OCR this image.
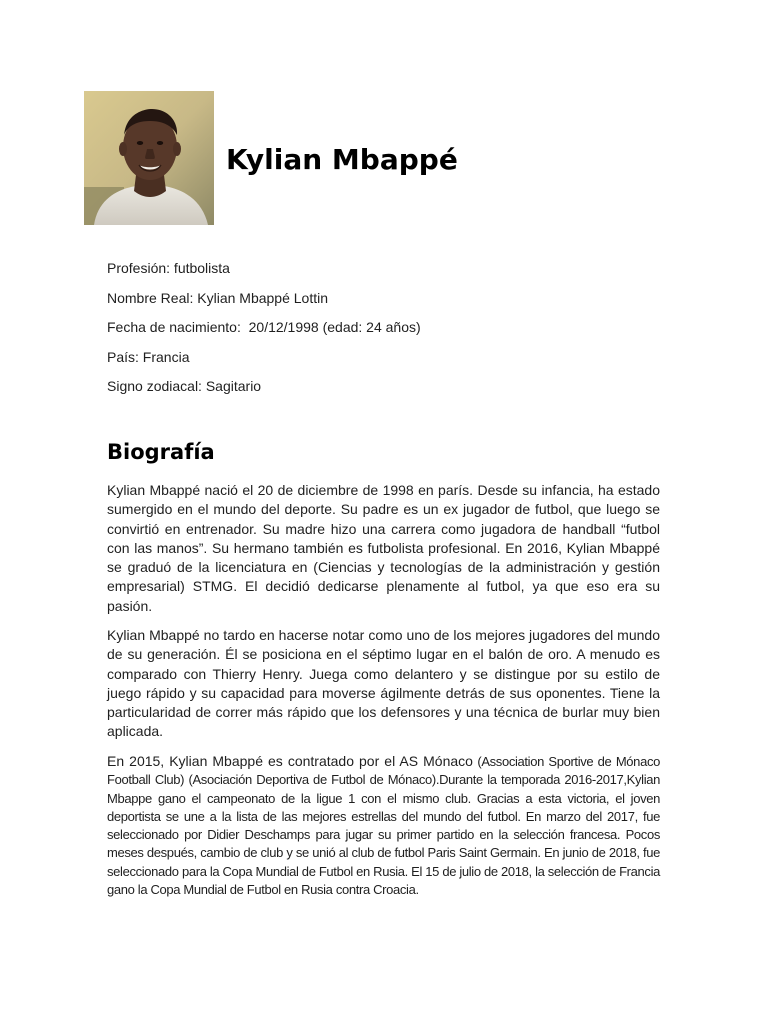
Kylian Mbappé
Profesión: futbolista
Nombre Real: Kylian Mbappé Lottin
Fecha de nacimiento:  20/12/1998 (edad: 24 años)
País: Francia
Signo zodiacal: Sagitario
Biografía

Kylian Mbappé nació el 20 de diciembre de 1998 en parís. Desde su infancia, ha estado sumergido en el mundo del deporte. Su padre es un ex jugador de futbol, que luego se convirtió en entrenador. Su madre hizo una carrera como jugadora de handball “futbol con las manos”. Su hermano también es futbolista profesional. En 2016, Kylian Mbappé se graduó de la licenciatura en (Ciencias y tecnologías de la administración y gestión empresarial) STMG. El decidió dedicarse plenamente al futbol, ya que eso era su pasión.

Kylian Mbappé no tardo en hacerse notar como uno de los mejores jugadores del mundo de su generación. Él se posiciona en el séptimo lugar en el balón de oro. A menudo es comparado con Thierry Henry. Juega como delantero y se distingue por su estilo de juego rápido y su capacidad para moverse ágilmente detrás de sus oponentes. Tiene la particularidad de correr más rápido que los defensores y una técnica de burlar muy bien aplicada.

En 2015, Kylian Mbappé es contratado por el AS Mónaco (Association Sportive de Mónaco Football Club) (Asociación Deportiva de Futbol de Mónaco).Durante la temporada 2016-2017,Kylian Mbappe gano el campeonato de la ligue 1 con el mismo club. Gracias a esta victoria, el joven deportista se une a la lista de las mejores estrellas del mundo del futbol. En marzo del 2017, fue seleccionado por Didier Deschamps para jugar su primer partido en la selección francesa. Pocos meses después, cambio de club y se unió al club de futbol Paris Saint Germain. En junio de 2018, fue seleccionado para la Copa Mundial de Futbol en Rusia. El 15 de julio de 2018, la selección de Francia gano la Copa Mundial de Futbol en Rusia contra Croacia.
